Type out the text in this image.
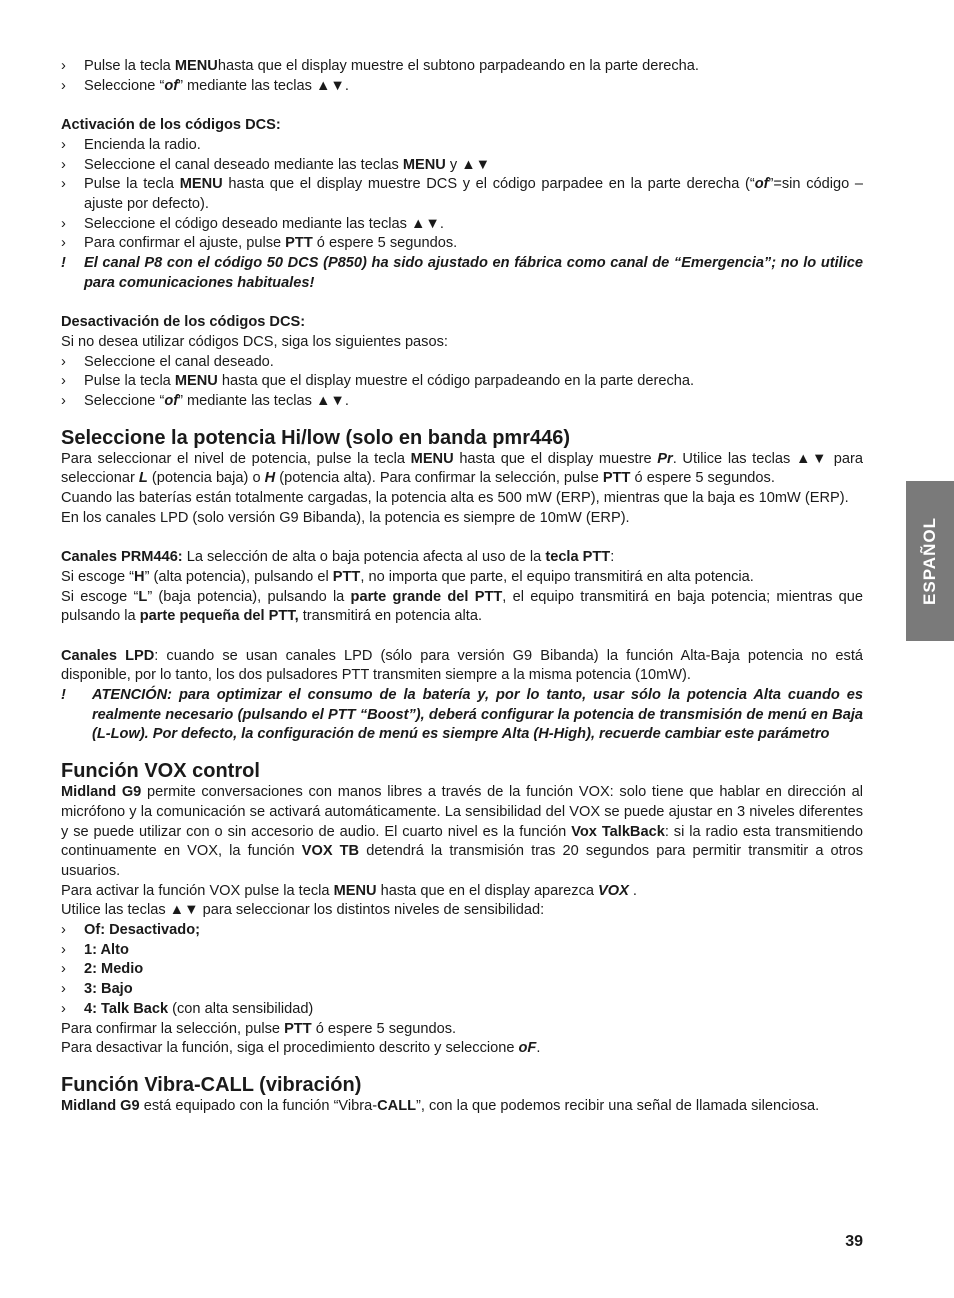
› Pulse la tecla MENUhasta que el display muestre el subtono parpadeando en la parte derecha.

› Seleccione “of” mediante las teclas ▲▼.

Activación de los códigos DCS:

› Encienda la radio.

› Seleccione el canal deseado mediante las teclas MENU y ▲▼

› Pulse la tecla MENU hasta que el display muestre DCS y el código parpadee en la parte derecha (“of”=sin código – ajuste por defecto).

› Seleccione el código deseado mediante las teclas ▲▼.

› Para confirmar el ajuste, pulse PTT ó espere 5 segundos.

! El canal P8 con el código 50 DCS (P850) ha sido ajustado en fábrica como canal de “Emergencia”; no lo utilice para comunicaciones habituales!

Desactivación de los códigos DCS:

Si no desea utilizar códigos DCS, siga los siguientes pasos:

› Seleccione el canal deseado.

› Pulse la tecla MENU hasta que el display muestre el código parpadeando en la parte derecha.

› Seleccione “of” mediante las teclas ▲▼.

Seleccione la potencia Hi/low (solo en banda pmr446)

Para seleccionar el nivel de potencia, pulse la tecla MENU hasta que el display muestre Pr. Utilice las teclas ▲▼ para seleccionar L (potencia baja) o H (potencia alta). Para confirmar la selección, pulse PTT ó espere 5 segundos.

Cuando las baterías están totalmente cargadas, la potencia alta es 500 mW (ERP), mientras que la baja es 10mW (ERP).

En los canales LPD (solo versión G9 Bibanda), la potencia es siempre de 10mW (ERP).

Canales PRM446: La selección de alta o baja potencia afecta al uso de la tecla PTT:

Si escoge “H” (alta potencia), pulsando el PTT, no importa que parte, el equipo transmitirá en alta potencia.

Si escoge “L” (baja potencia), pulsando la parte grande del PTT, el equipo transmitirá en baja potencia; mientras que pulsando la parte pequeña del PTT, transmitirá en potencia alta.

Canales LPD: cuando se usan canales LPD (sólo para versión G9 Bibanda) la función Alta-Baja potencia no está disponible, por lo tanto, los dos pulsadores PTT transmiten siempre a la misma potencia (10mW).

! ATENCIÓN: para optimizar el consumo de la batería y, por lo tanto, usar sólo la potencia Alta cuando es realmente necesario (pulsando el PTT “Boost”), deberá configurar la potencia de transmisión de menú en Baja (L-Low). Por defecto, la configuración de menú es siempre Alta (H-High), recuerde cambiar este parámetro

Función VOX control

Midland G9 permite conversaciones con manos libres a través de la función VOX: solo tiene que hablar en dirección al micrófono y la comunicación se activará automáticamente. La sensibilidad del VOX se puede ajustar en 3 niveles diferentes y se puede utilizar con o sin accesorio de audio. El cuarto nivel es la función Vox TalkBack: si la radio esta transmitiendo continuamente en VOX, la función VOX TB detendrá la transmisión tras 20 segundos para permitir transmitir a otros usuarios.

Para activar la función VOX pulse la tecla MENU hasta que en el display aparezca VOX .

Utilice las teclas ▲▼ para seleccionar los distintos niveles de sensibilidad:

› Of: Desactivado;

› 1: Alto

› 2: Medio

› 3: Bajo

› 4: Talk Back (con alta sensibilidad)

Para confirmar la selección, pulse PTT ó espere 5 segundos.

Para desactivar la función, siga el procedimiento descrito y seleccione oF.

Función Vibra-CALL (vibración)

Midland G9 está equipado con la función “Vibra-CALL”, con la que podemos recibir una señal de llamada silenciosa.

ESPAÑOL
39
